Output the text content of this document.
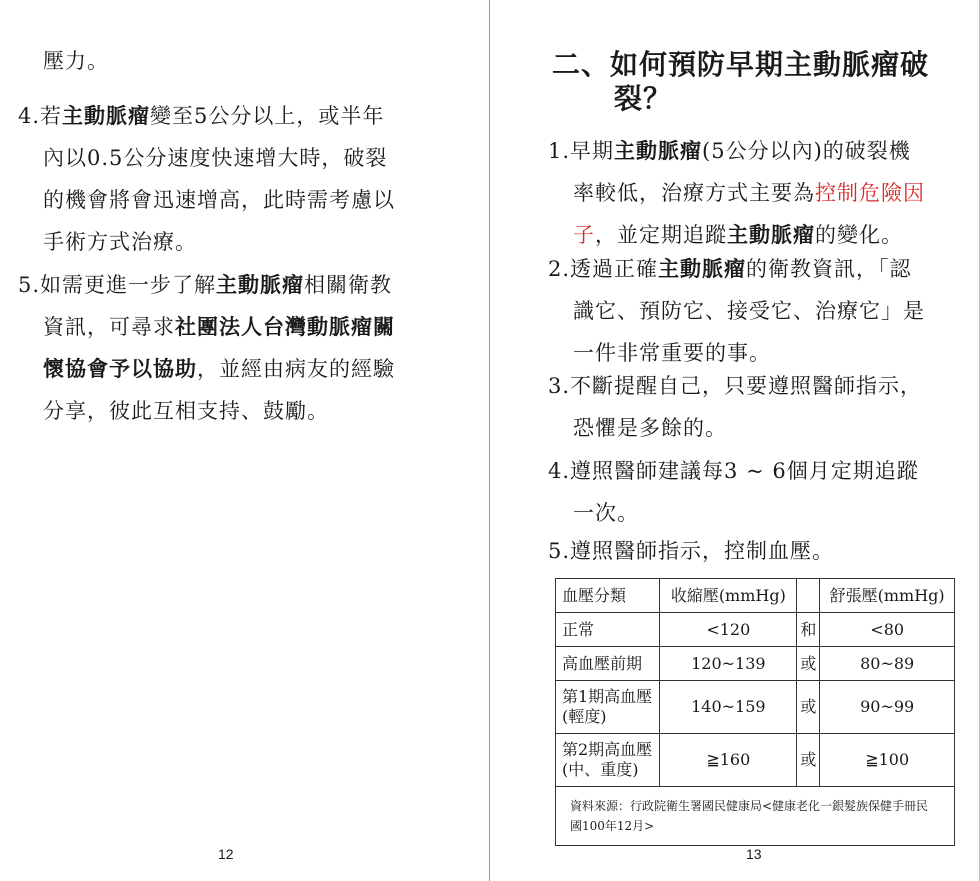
壓力。
4.若主動脈瘤變至5公分以上，或半年
內以0.5公分速度快速增大時，破裂
的機會將會迅速增高，此時需考慮以
手術方式治療。
5.如需更進一步了解主動脈瘤相關衛教
資訊，可尋求社團法人台灣動脈瘤關
懷協會予以協助，並經由病友的經驗
分享，彼此互相支持、鼓勵。
12
二、如何預防早期主動脈瘤破
裂？
1.早期主動脈瘤(5公分以內)的破裂機
率較低，治療方式主要為控制危險因
子，並定期追蹤主動脈瘤的變化。
2.透過正確主動脈瘤的衛教資訊，「認
識它、預防它、接受它、治療它」是
一件非常重要的事。
3.不斷提醒自己，只要遵照醫師指示，
恐懼是多餘的。
4.遵照醫師建議每3 ~ 6個月定期追蹤
一次。
5.遵照醫師指示，控制血壓。
血壓分類	收縮壓(mmHg)		舒張壓(mmHg)
正常	<120	和	<80
高血壓前期	120~139	或	80~89
第1期高血壓
(輕度)	140~159	或	90~99
第2期高血壓
(中、重度)	≧160	或	≧100
資料來源：行政院衛生署國民健康局<健康老化一銀髮族保健手冊民國100年12月>			
13
